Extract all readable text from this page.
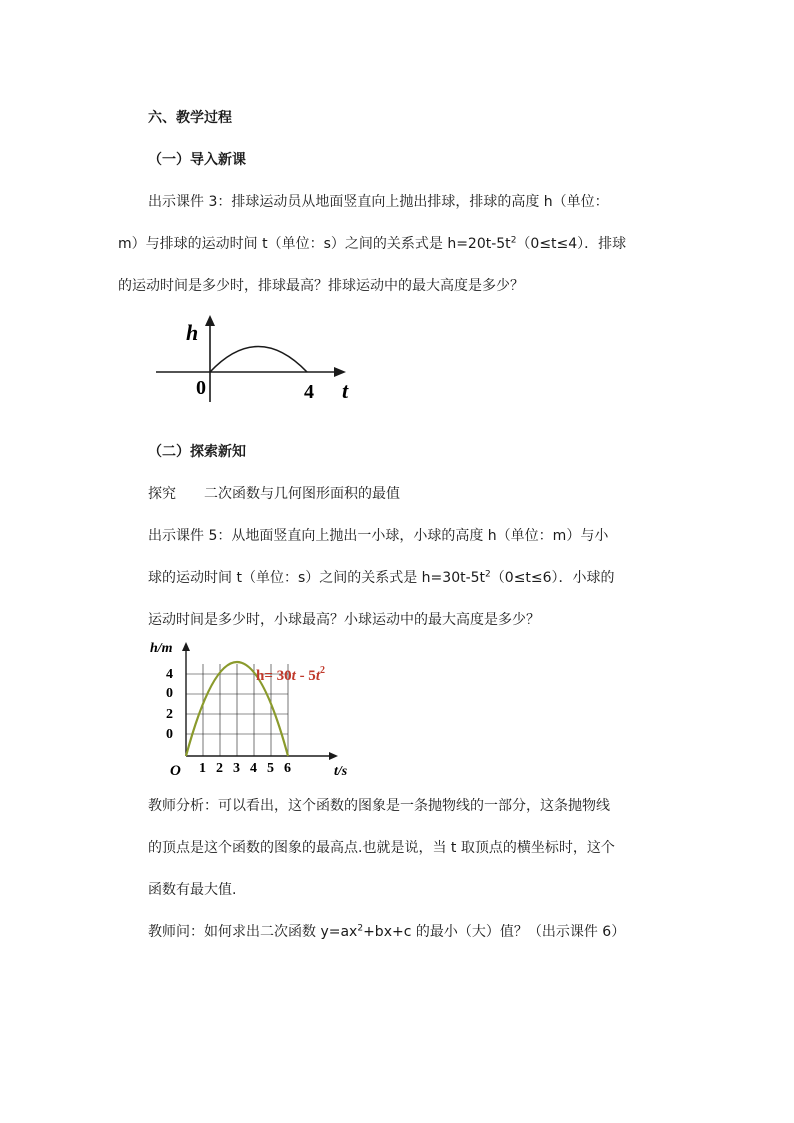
六、教学过程
（一）导入新课
出示课件 3：排球运动员从地面竖直向上抛出排球，排球的高度 h（单位：
m）与排球的运动时间 t（单位：s）之间的关系式是 $h=20t-5t^2(0\le t\le 4)$．排球
的运动时间是多少时，排球最高？排球运动中的最大高度是多少？
h
0	4 t
（二）探索新知
探究 二次函数与几何图形面积的最值
出示课件 5：从地面竖直向上抛出一小球，小球的高度 h（单位：m）与小
球的运动时间 t（单位：s）之间的关系式是 $h=30t-5t^2(0\le t\le 6)$．小球的
运动时间是多少时，小球最高？小球运动中的最大高度是多少？
h/m
4
0
2
0
1 2 3 4 5 6
O	t/s
$h= 30t - 5t^2$
教师分析：可以看出，这个函数的图象是一条抛物线的一部分，这条抛物线
的顶点是这个函数的图象的最高点.也就是说，当 t 取顶点的横坐标时，这个
函数有最大值.
教师问：如何求出二次函数 $y=ax^2+bx+c$ 的最小（大）值？（出示课件 6）
